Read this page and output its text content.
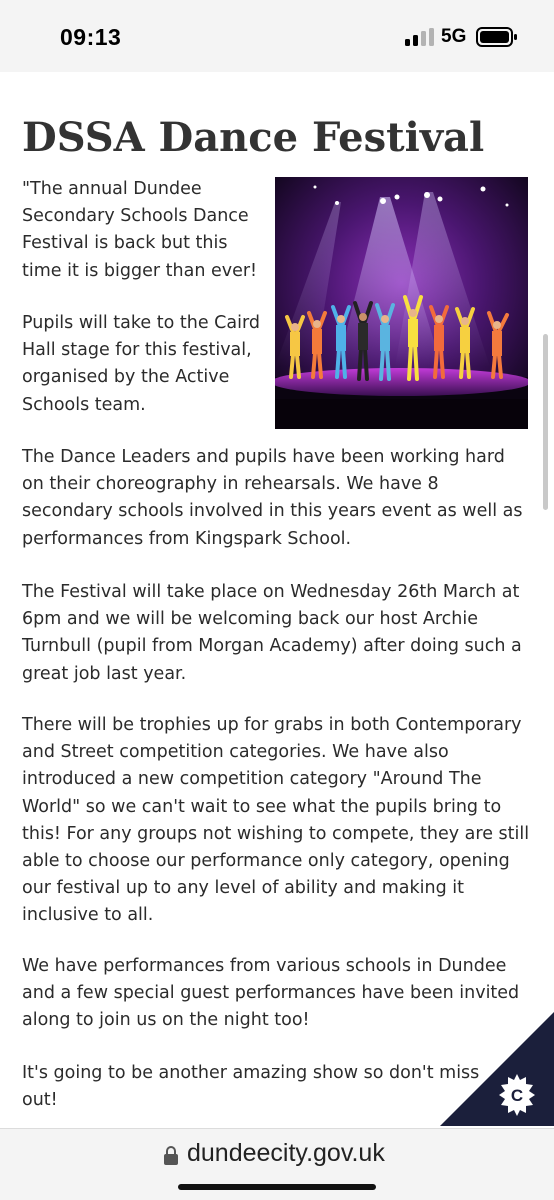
09:13	5G
DSSA Dance Festival

"The annual Dundee Secondary Schools Dance Festival is back but this time it is bigger than ever!

Pupils will take to the Caird Hall stage for this festival, organised by the Active Schools team.

The Dance Leaders and pupils have been working hard on their choreography in rehearsals. We have 8 secondary schools involved in this years event as well as performances from Kingspark School.

The Festival will take place on Wednesday 26th March at 6pm and we will be welcoming back our host Archie Turnbull (pupil from Morgan Academy) after doing such a great job last year.

There will be trophies up for grabs in both Contemporary and Street competition categories. We have also introduced a new competition category "Around The World" so we can't wait to see what the pupils bring to this! For any groups not wishing to compete, they are still able to choose our performance only category, opening our festival up to any level of ability and making it inclusive to all.

We have performances from various schools in Dundee and a few special guest performances have been invited along to join us on the night too!

It's going to be another amazing show so don't miss out!	C
dundeecity.gov.uk
